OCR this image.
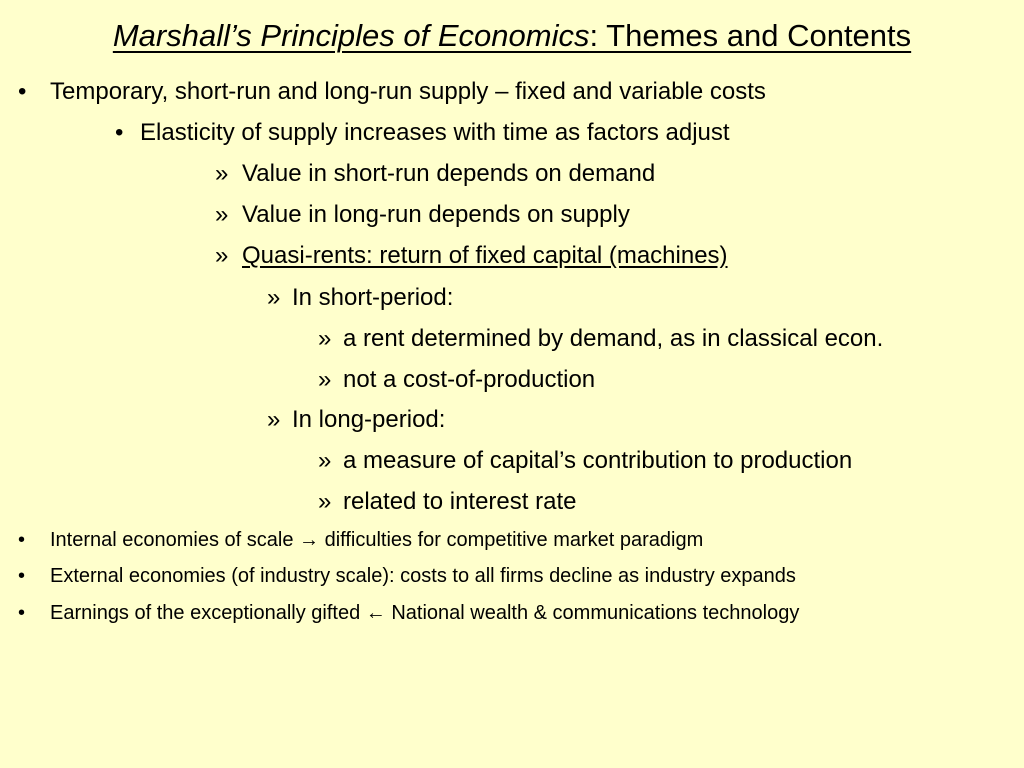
Marshall’s Principles of Economics: Themes and Contents
• Temporary, short-run and long-run supply – fixed and variable costs
• Elasticity of supply increases with time as factors adjust
» Value in short-run depends on demand
» Value in long-run depends on supply
» Quasi-rents: return of fixed capital (machines)
» In short-period:
» a rent determined by demand, as in classical econ.
» not a cost-of-production
» In long-period:
» a measure of capital’s contribution to production
» related to interest rate
• Internal economies of scale → difficulties for competitive market paradigm
• External economies (of industry scale): costs to all firms decline as industry expands
• Earnings of the exceptionally gifted ← National wealth & communications technology
